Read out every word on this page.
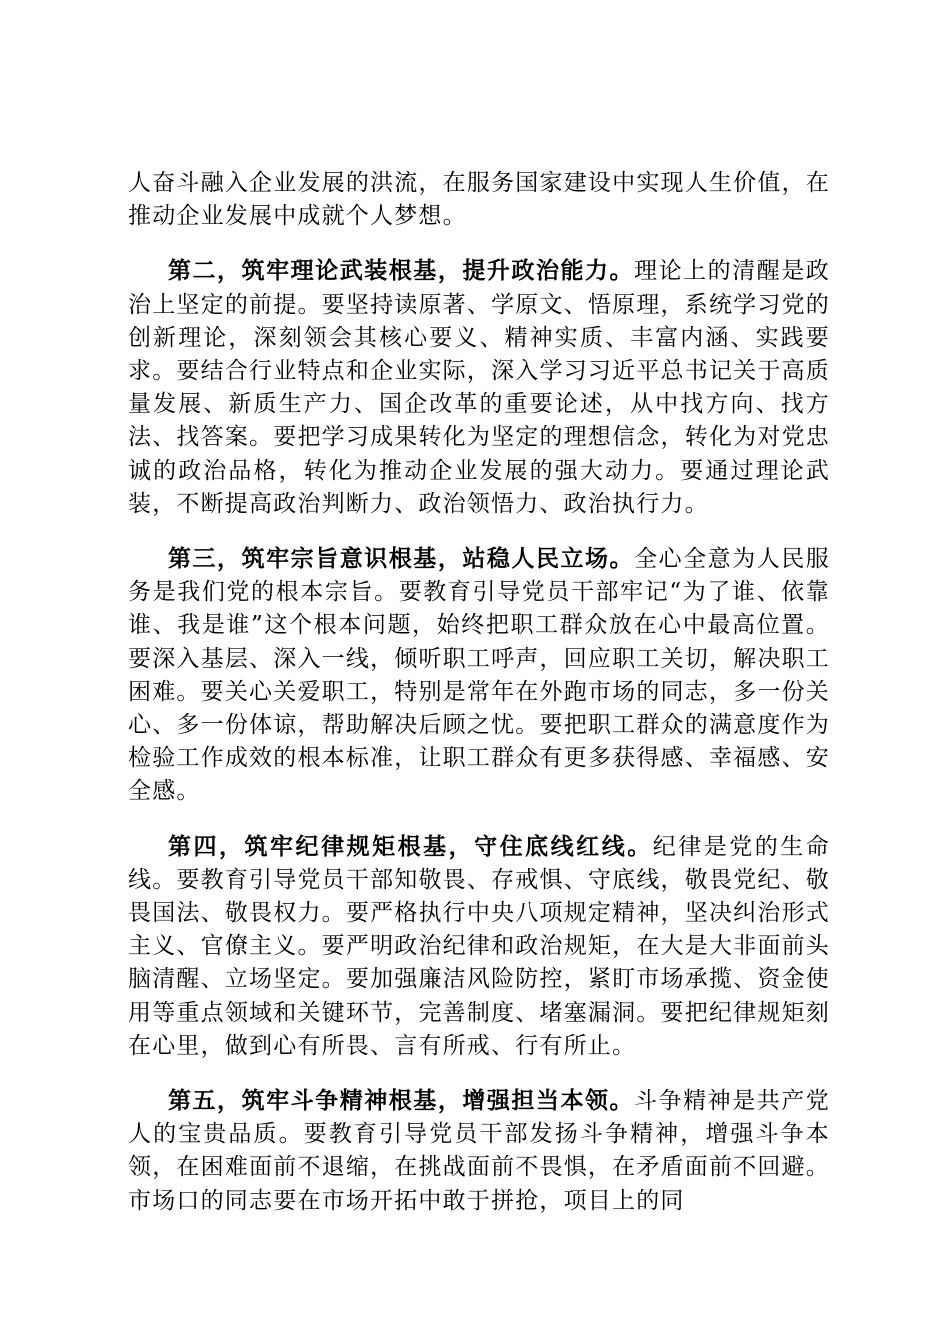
人奋斗融入企业发展的洪流，在服务国家建设中实现人生价值，在推动企业发展中成就个人梦想。

第二，筑牢理论武装根基，提升政治能力。理论上的清醒是政治上坚定的前提。要坚持读原著、学原文、悟原理，系统学习党的创新理论，深刻领会其核心要义、精神实质、丰富内涵、实践要求。要结合行业特点和企业实际，深入学习习近平总书记关于高质量发展、新质生产力、国企改革的重要论述，从中找方向、找方法、找答案。要把学习成果转化为坚定的理想信念，转化为对党忠诚的政治品格，转化为推动企业发展的强大动力。要通过理论武装，不断提高政治判断力、政治领悟力、政治执行力。

第三，筑牢宗旨意识根基，站稳人民立场。全心全意为人民服务是我们党的根本宗旨。要教育引导党员干部牢记“为了谁、依靠谁、我是谁”这个根本问题，始终把职工群众放在心中最高位置。要深入基层、深入一线，倾听职工呼声，回应职工关切，解决职工困难。要关心关爱职工，特别是常年在外跑市场的同志，多一份关心、多一份体谅，帮助解决后顾之忧。要把职工群众的满意度作为检验工作成效的根本标准，让职工群众有更多获得感、幸福感、安全感。

第四，筑牢纪律规矩根基，守住底线红线。纪律是党的生命线。要教育引导党员干部知敬畏、存戒惧、守底线，敬畏党纪、敬畏国法、敬畏权力。要严格执行中央八项规定精神，坚决纠治形式主义、官僚主义。要严明政治纪律和政治规矩，在大是大非面前头脑清醒、立场坚定。要加强廉洁风险防控，紧盯市场承揽、资金使用等重点领域和关键环节，完善制度、堵塞漏洞。要把纪律规矩刻在心里，做到心有所畏、言有所戒、行有所止。

第五，筑牢斗争精神根基，增强担当本领。斗争精神是共产党人的宝贵品质。要教育引导党员干部发扬斗争精神，增强斗争本领，在困难面前不退缩，在挑战面前不畏惧，在矛盾面前不回避。市场口的同志要在市场开拓中敢于拼抢，项目上的同
